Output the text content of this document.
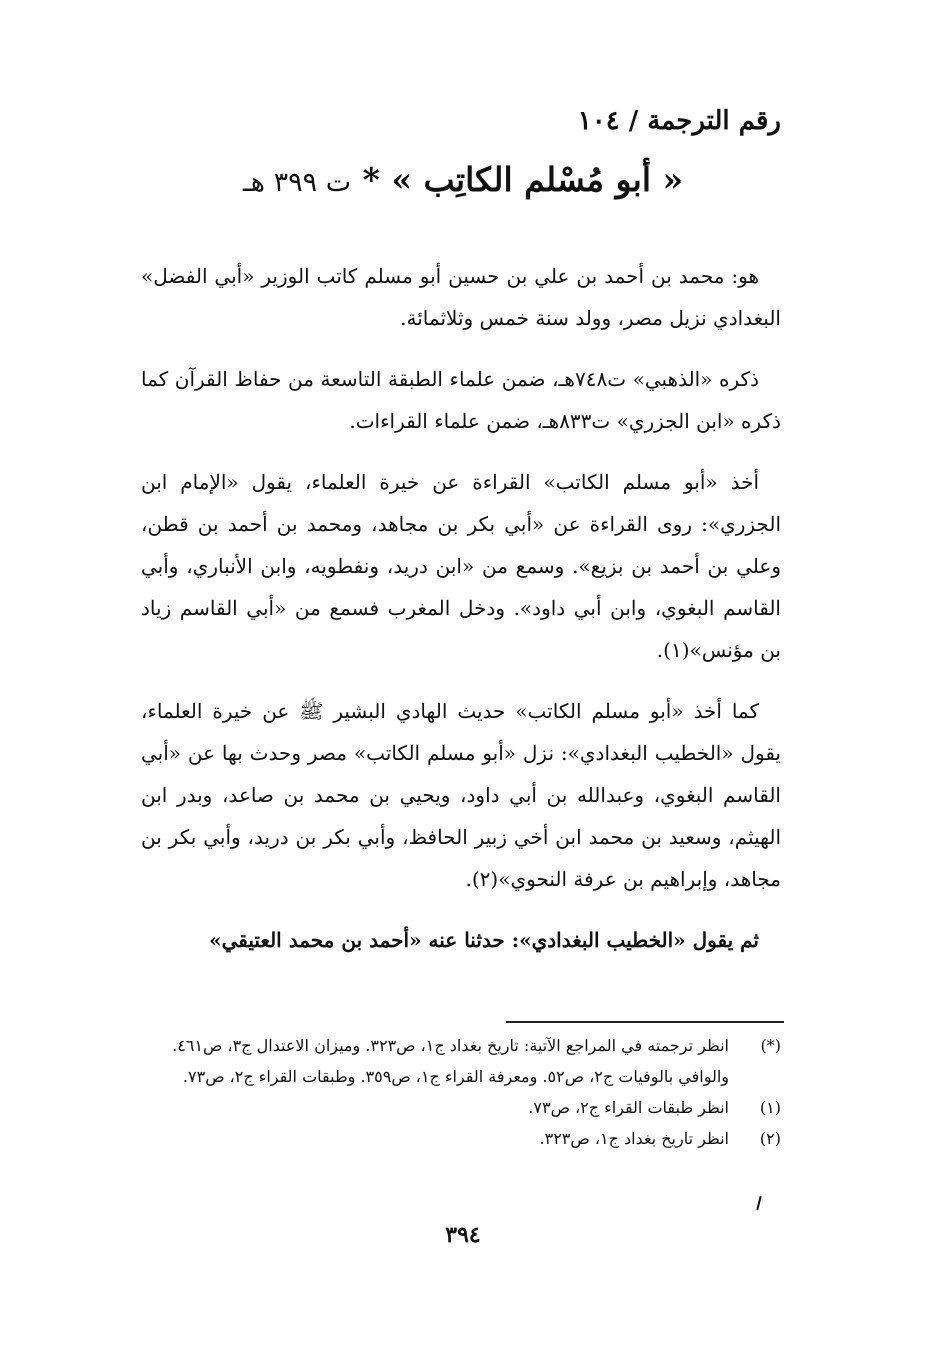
رقم الترجمة / ١٠٤
« أبو مُسْلم الكاتِب » * ت ٣٩٩ هـ

هو: محمد بن أحمد بن علي بن حسين أبو مسلم كاتب الوزير «أبي الفضل» البغدادي نزيل مصر، وولد سنة خمس وثلاثمائة.

ذكره «الذهبي» ت٧٤٨هـ، ضمن علماء الطبقة التاسعة من حفاظ القرآن كما ذكره «ابن الجزري» ت٨٣٣هـ، ضمن علماء القراءات.

أخذ «أبو مسلم الكاتب» القراءة عن خيرة العلماء، يقول «الإمام ابن الجزري»: روى القراءة عن «أبي بكر بن مجاهد، ومحمد بن أحمد بن قطن، وعلي بن أحمد بن بزيع». وسمع من «ابن دريد، ونفطويه، وابن الأنباري، وأبي القاسم البغوي، وابن أبي داود». ودخل المغرب فسمع من «أبي القاسم زياد بن مؤنس»(١).

كما أخذ «أبو مسلم الكاتب» حديث الهادي البشير ﷺ عن خيرة العلماء، يقول «الخطيب البغدادي»: نزل «أبو مسلم الكاتب» مصر وحدث بها عن «أبي القاسم البغوي، وعبدالله بن أبي داود، ويحيي بن محمد بن صاعد، وبدر ابن الهيثم، وسعيد بن محمد ابن أخي زبير الحافظ، وأبي بكر بن دريد، وأبي بكر بن مجاهد، وإبراهيم بن عرفة النحوي»(٢).

ثم يقول «الخطيب البغدادي»: حدثنا عنه «أحمد بن محمد العتيقي»

(*)
انظر ترجمته في المراجع الآتية: تاريخ بغداد ج١، ص٣٢٣. وميزان الاعتدال ج٣، ص٤٦١. والوافي بالوفيات ج٢، ص٥٢. ومعرفة القراء ج١، ص٣٥٩. وطبقات القراء ج٢، ص٧٣.
(١)
انظر طبقات القراء ج٢، ص٧٣.
(٢)
انظر تاريخ بغداد ج١، ص٣٢٣.
٣٩٤
